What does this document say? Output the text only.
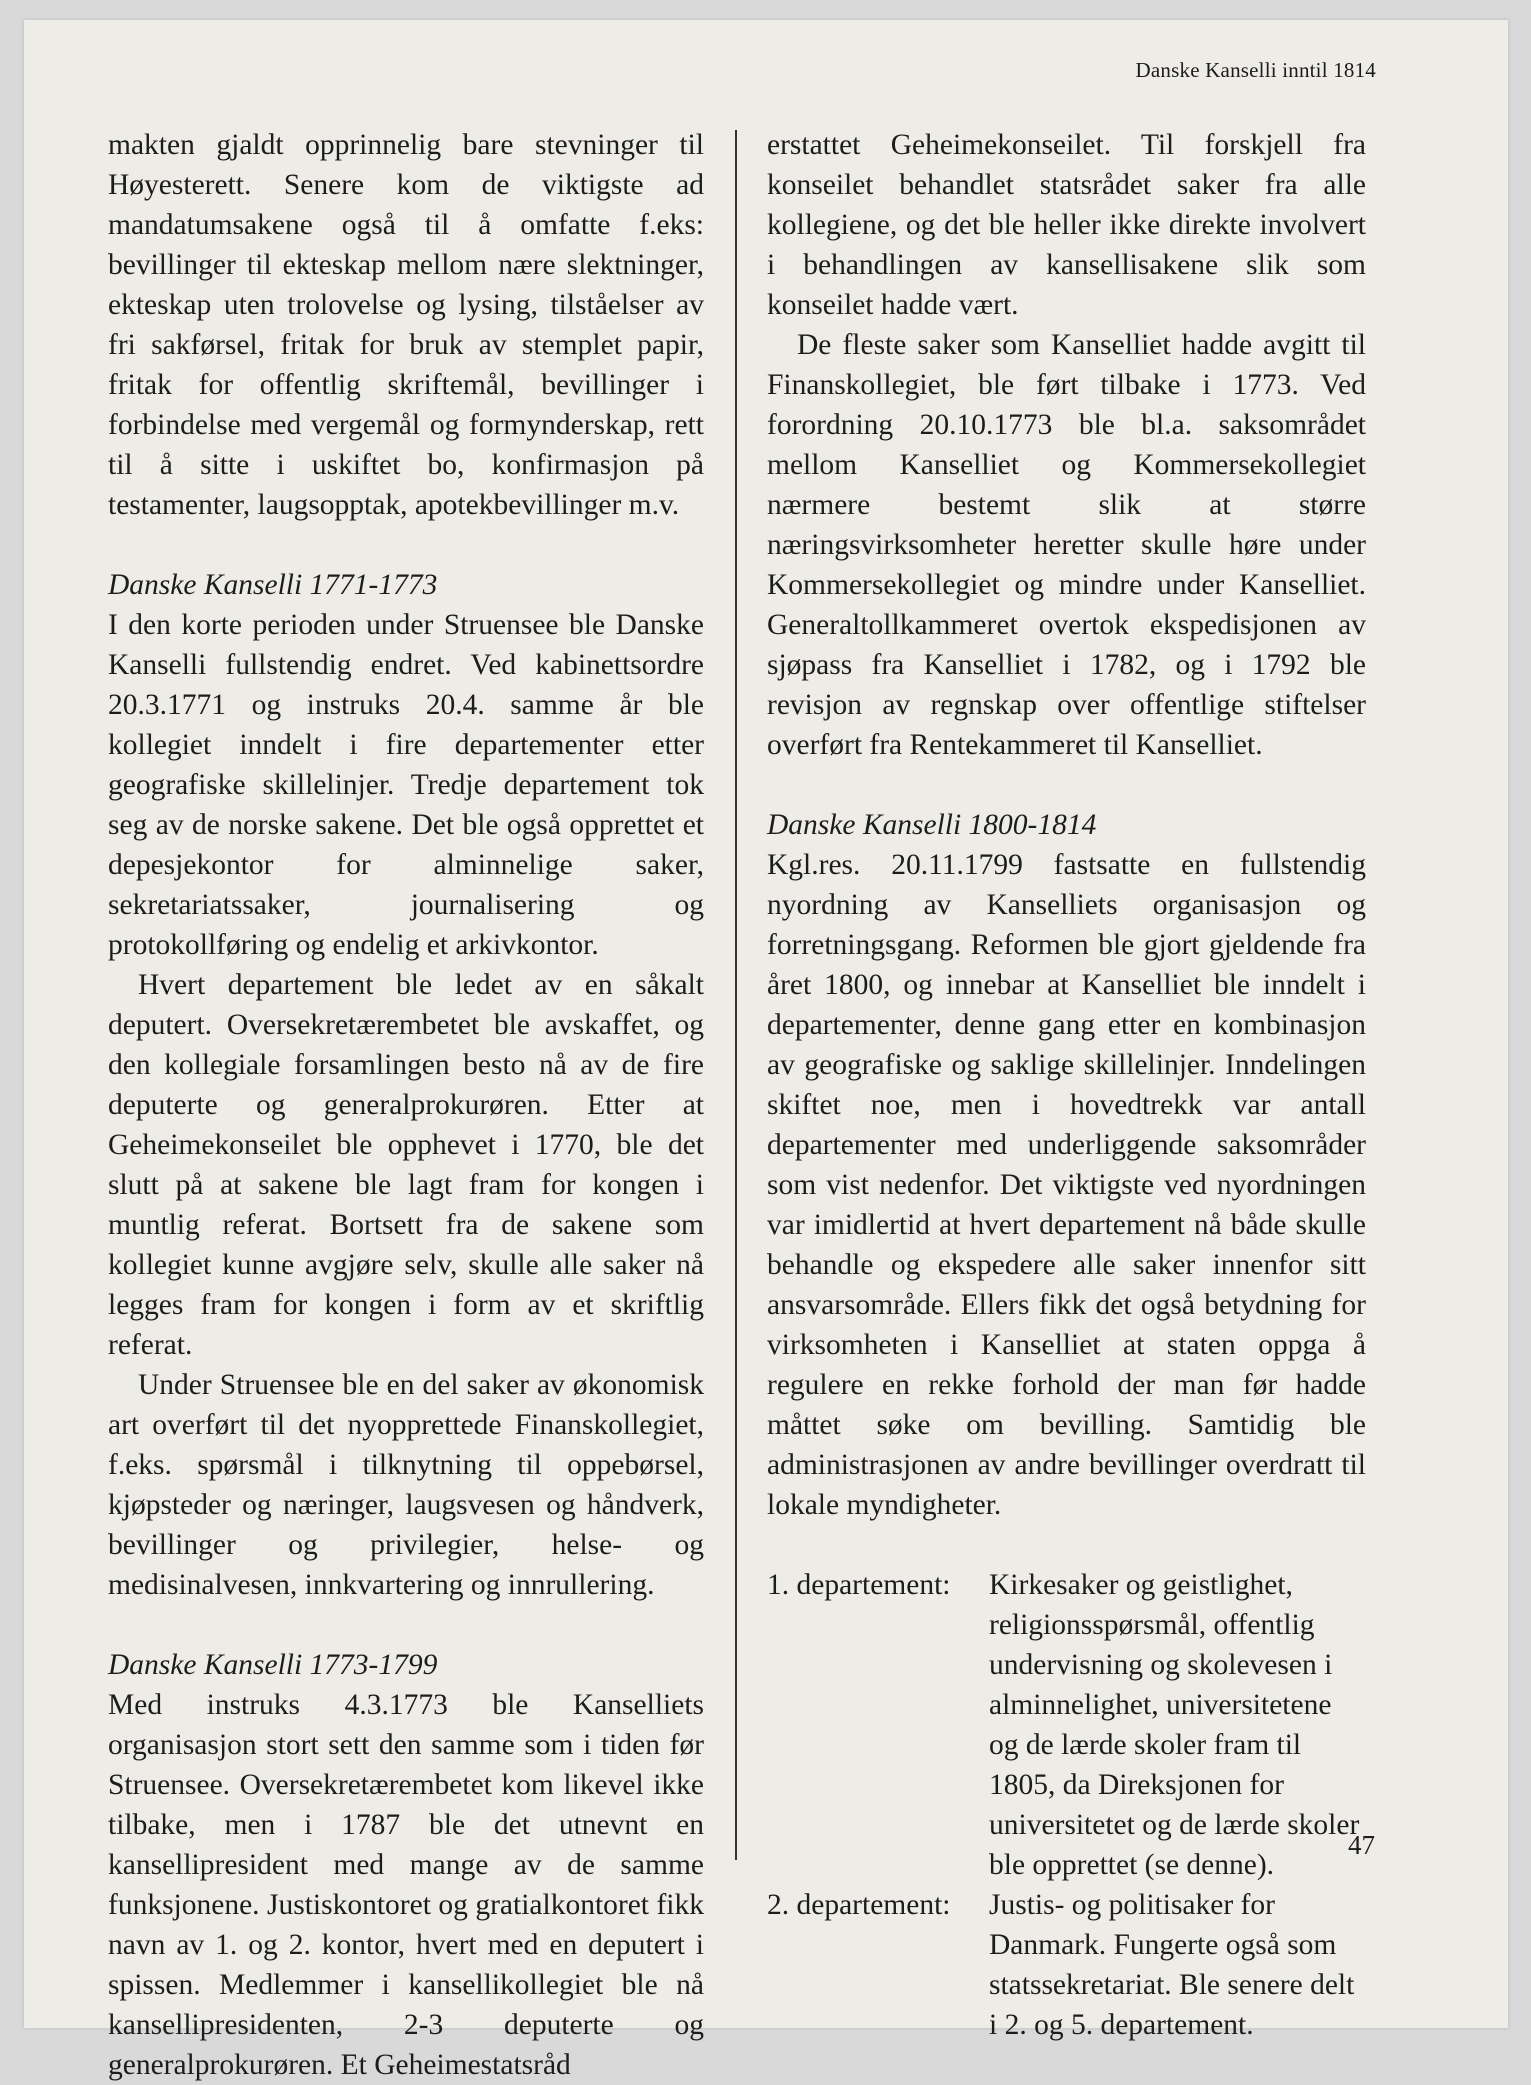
Danske Kanselli inntil 1814

makten gjaldt opprinnelig bare stevninger til Høyesterett. Senere kom de viktigste ad mandatumsakene også til å omfatte f.eks: bevillinger til ekteskap mellom nære slektninger, ekteskap uten trolovelse og lysing, tilståelser av fri sakførsel, fritak for bruk av stemplet papir, fritak for offentlig skriftemål, bevillinger i forbindelse med vergemål og formynderskap, rett til å sitte i uskiftet bo, konfirmasjon på testamenter, laugsopptak, apotekbevillinger m.v.

Danske Kanselli 1771-1773

I den korte perioden under Struensee ble Danske Kanselli fullstendig endret. Ved kabinettsordre 20.3.1771 og instruks 20.4. samme år ble kollegiet inndelt i fire departementer etter geografiske skillelinjer. Tredje departement tok seg av de norske sakene. Det ble også opprettet et depesjekontor for alminnelige saker, sekretariatssaker, journalisering og protokollføring og endelig et arkivkontor.

Hvert departement ble ledet av en såkalt deputert. Oversekretærembetet ble avskaffet, og den kollegiale forsamlingen besto nå av de fire deputerte og generalprokurøren. Etter at Geheimekonseilet ble opphevet i 1770, ble det slutt på at sakene ble lagt fram for kongen i muntlig referat. Bortsett fra de sakene som kollegiet kunne avgjøre selv, skulle alle saker nå legges fram for kongen i form av et skriftlig referat.

Under Struensee ble en del saker av økonomisk art overført til det nyopprettede Finanskollegiet, f.eks. spørsmål i tilknytning til oppebørsel, kjøpsteder og næringer, laugsvesen og håndverk, bevillinger og privilegier, helse- og medisinalvesen, innkvartering og innrullering.

Danske Kanselli 1773-1799

Med instruks 4.3.1773 ble Kanselliets organisasjon stort sett den samme som i tiden før Struensee. Oversekretærembetet kom likevel ikke tilbake, men i 1787 ble det utnevnt en kansellipresident med mange av de samme funksjonene. Justiskontoret og gratialkontoret fikk navn av 1. og 2. kontor, hvert med en deputert i spissen. Medlemmer i kansellikollegiet ble nå kansellipresidenten, 2-3 deputerte og generalprokurøren. Et Geheimestatsråd

erstattet Geheimekonseilet. Til forskjell fra konseilet behandlet statsrådet saker fra alle kollegiene, og det ble heller ikke direkte involvert i behandlingen av kansellisakene slik som konseilet hadde vært.

De fleste saker som Kanselliet hadde avgitt til Finanskollegiet, ble ført tilbake i 1773. Ved forordning 20.10.1773 ble bl.a. saksområdet mellom Kanselliet og Kommersekollegiet nærmere bestemt slik at større næringsvirksomheter heretter skulle høre under Kommersekollegiet og mindre under Kanselliet. Generaltollkammeret overtok ekspedisjonen av sjøpass fra Kanselliet i 1782, og i 1792 ble revisjon av regnskap over offentlige stiftelser overført fra Rentekammeret til Kanselliet.

Danske Kanselli 1800-1814

Kgl.res. 20.11.1799 fastsatte en fullstendig nyordning av Kanselliets organisasjon og forretningsgang. Reformen ble gjort gjeldende fra året 1800, og innebar at Kanselliet ble inndelt i departementer, denne gang etter en kombinasjon av geografiske og saklige skillelinjer. Inndelingen skiftet noe, men i hovedtrekk var antall departementer med underliggende saksområder som vist nedenfor. Det viktigste ved nyordningen var imidlertid at hvert departement nå både skulle behandle og ekspedere alle saker innenfor sitt ansvarsområde. Ellers fikk det også betydning for virksomheten i Kanselliet at staten oppga å regulere en rekke forhold der man før hadde måttet søke om bevilling. Samtidig ble administrasjonen av andre bevillinger overdratt til lokale myndigheter.

1. departement:	Kirkesaker og geistlighet, religionsspørsmål, offentlig undervisning og skolevesen i alminnelighet, universitetene og de lærde skoler fram til 1805, da Direksjonen for universitetet og de lærde skoler ble opprettet (se denne).
2. departement:	Justis- og politisaker for Danmark. Fungerte også som statssekretariat. Ble senere delt i 2. og 5. departement.
47
